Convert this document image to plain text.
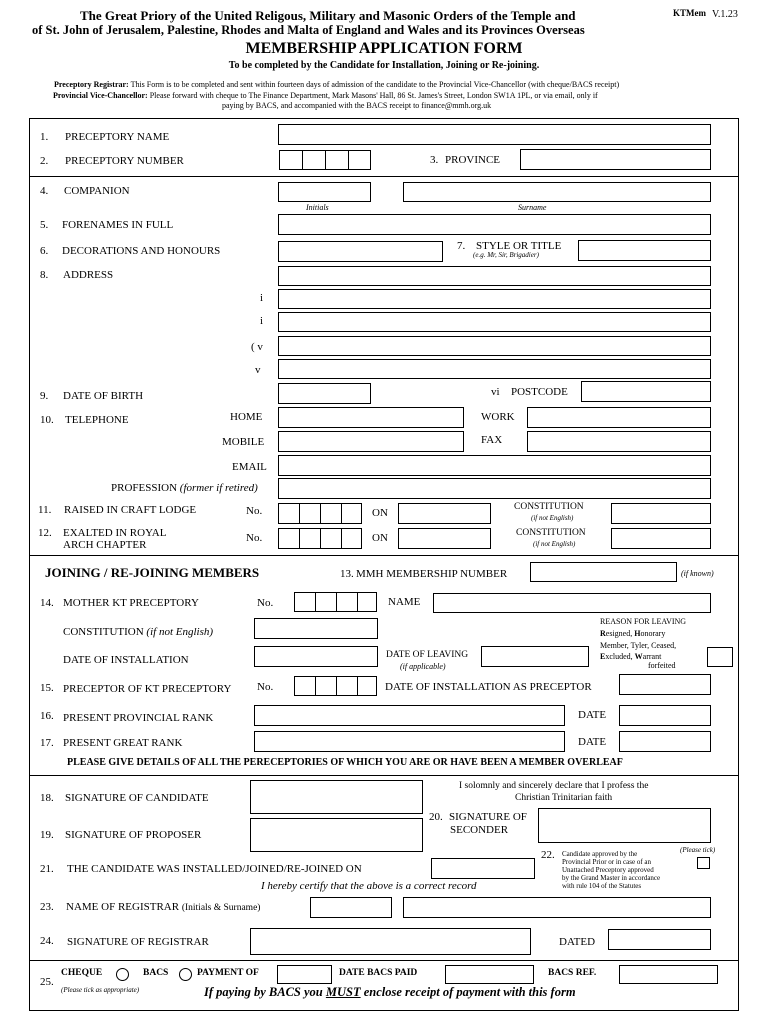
The Great Priory of the United Religous, Military and Masonic Orders of the Temple and	KTMem V.1.23
of St. John of Jerusalem, Palestine, Rhodes and Malta of England and Wales and its Provinces Overseas
MEMBERSHIP APPLICATION FORM
To be completed by the Candidate for Installation, Joining or Re-joining.
Preceptory Registrar: This Form is to be completed and sent within fourteen days of admission of the candidate to the Provincial Vice-Chancellor (with cheque/BACS receipt)
Provincial Vice-Chancellor: Please forward with cheque to The Finance Department, Mark Masons' Hall, 86 St. James's Street, London SW1A 1PL, or via email, only if
paying by BACS, and accompanied with the BACS receipt to finance@mmh.org.uk
1. PRECEPTORY NAME
2. PRECEPTORY NUMBER	3. PROVINCE
4. COMPANION
Initials	Surname
5. FORENAMES IN FULL
6. DECORATIONS AND HONOURS	7. STYLE OR TITLE
(e.g. Mr, Sir, Brigadier)
8. ADDRESS
i
i
( v
v
9. DATE OF BIRTH	vi POSTCODE
10. TELEPHONE	HOME	WORK
MOBILE	FAX
EMAIL
PROFESSION (former if retired)
11. RAISED IN CRAFT LODGE	No.	ON	CONSTITUTION
(if not English)
12. EXALTED IN ROYAL
ARCH CHAPTER
No.	ON	CONSTITUTION
(if not English)
JOINING / RE-JOINING MEMBERS	13. MMH MEMBERSHIP NUMBER	(if known)
14. MOTHER KT PRECEPTORY	No.	NAME
REASON FOR LEAVING
Resigned, Honorary
Member, Tyler, Ceased,
Excluded, Warrant
forfeited
CONSTITUTION (if not English)
DATE OF INSTALLATION	DATE OF LEAVING
(if applicable)
15. PRECEPTOR OF KT PRECEPTORY No.	DATE OF INSTALLATION AS PRECEPTOR
16. PRESENT PROVINCIAL RANK	DATE
17. PRESENT GREAT RANK	DATE
PLEASE GIVE DETAILS OF ALL THE PERECEPTORIES OF WHICH YOU ARE OR HAVE BEEN A MEMBER OVERLEAF
I solomnly and sincerely declare that I profess the
Christian Trinitarian faith
18. SIGNATURE OF CANDIDATE
19. SIGNATURE OF PROPOSER
20. SIGNATURE OF
SECONDER
21. THE CANDIDATE WAS INSTALLED/JOINED/RE-JOINED ON
I hereby certify that the above is a correct record
22.	(Please tick)
Candidate approved by the
Provincial Prior or in case of an
Unattached Preceptory approved
by the Grand Master in accordance
with rule 104 of the Statutes
23. NAME OF REGISTRAR (Initials & Surname)
24. SIGNATURE OF REGISTRAR	DATED
25.
CHEQUE	BACS	PAYMENT OF	DATE BACS PAID	BACS REF.
(Please tick as appropriate)	If paying by BACS you MUST enclose receipt of payment with this form
